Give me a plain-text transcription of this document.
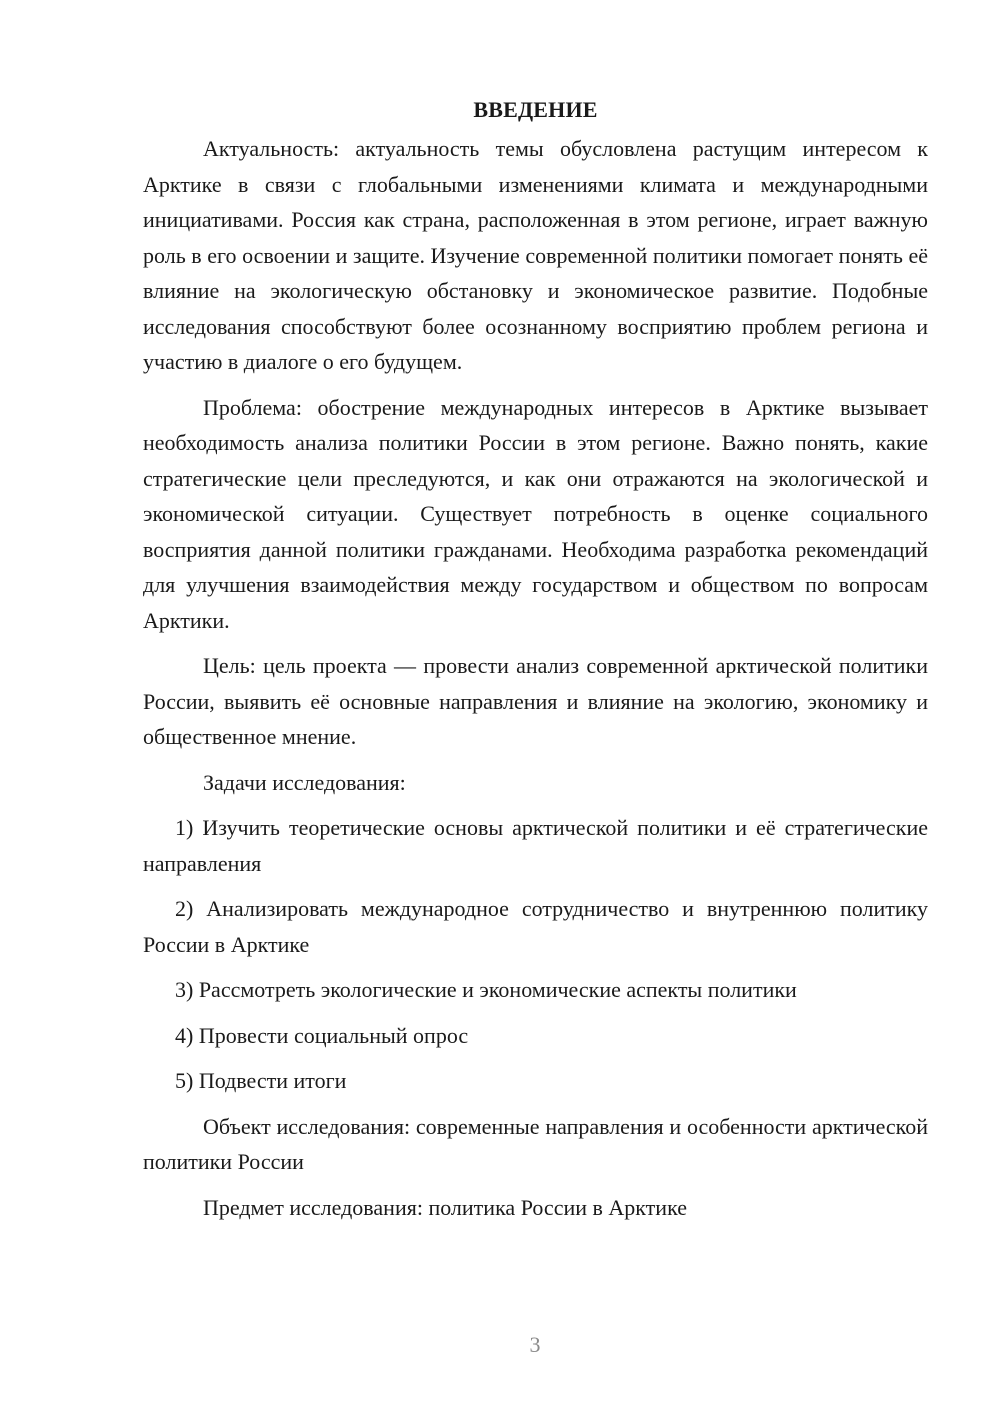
ВВЕДЕНИЕ

Актуальность: актуальность темы обусловлена растущим интересом к Арктике в связи с глобальными изменениями климата и международными инициативами. Россия как страна, расположенная в этом регионе, играет важную роль в его освоении и защите. Изучение современной политики помогает понять её влияние на экологическую обстановку и экономическое развитие. Подобные исследования способствуют более осознанному восприятию проблем региона и участию в диалоге о его будущем.

Проблема: обострение международных интересов в Арктике вызывает необходимость анализа политики России в этом регионе. Важно понять, какие стратегические цели преследуются, и как они отражаются на экологической и экономической ситуации. Существует потребность в оценке социального восприятия данной политики гражданами. Необходима разработка рекомендаций для улучшения взаимодействия между государством и обществом по вопросам Арктики.

Цель: цель проекта — провести анализ современной арктической политики России, выявить её основные направления и влияние на экологию, экономику и общественное мнение.

Задачи исследования:

1) Изучить теоретические основы арктической политики и её стратегические направления

2) Анализировать международное сотрудничество и внутреннюю политику России в Арктике

3) Рассмотреть экологические и экономические аспекты политики

4) Провести социальный опрос

5) Подвести итоги

Объект исследования: современные направления и особенности арктической политики России

Предмет исследования: политика России в Арктике

3
